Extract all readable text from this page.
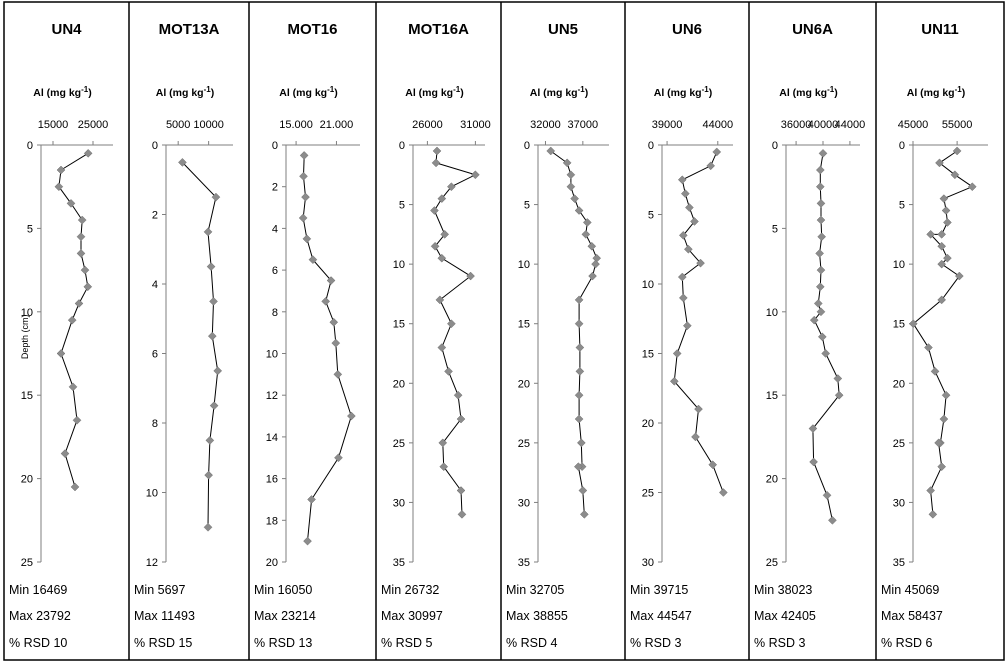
UN4
Al (mg $kg^{-1}$)
15000 25000
0
5
10
15
20
25
Depth (cm)
Min 16469
Max 23792
% RSD 10
MOT13A
Al (mg $kg^{-1}$)
5000 10000
0
2
4
6
8
10
12
Min 5697
Max 11493
% RSD 15
MOT16
Al (mg $kg^{-1}$)
15.000 21.000
0
2
4
6
8
10
12
14
16
18
20
Min 16050
Max 23214
% RSD 13
MOT16A
Al (mg $kg^{-1}$)
26000 31000
0
5
10
15
20
25
30
35
Min 26732
Max 30997
% RSD 5
UN5
Al (mg $kg^{-1}$)
32000 37000
0
5
10
15
20
25
30
35
Min 32705
Max 38855
% RSD 4
UN6
Al (mg $kg^{-1}$)
39000 44000
0
5
10
15
20
25
30
Min 39715
Max 44547
% RSD 3
UN6A
Al (mg $kg^{-1}$)
36000
40000
44000
0
5
10
15
20
25
Min 38023
Max 42405
% RSD 3
UN11
Al (mg $kg^{-1}$)
45000 55000
0
5
10
15
20
25
30
35
Min 45069
Max 58437
% RSD 6
